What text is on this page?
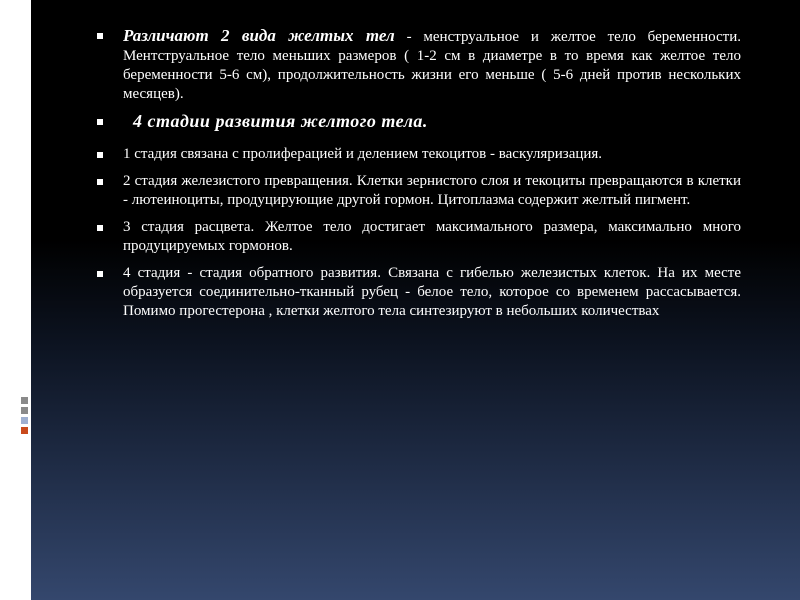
Различают 2 вида желтых тел - менструальное и желтое тело беременности. Ментструальное тело меньших размеров ( 1-2 см в диаметре в то время как желтое тело беременности 5-6 см), продолжительность жизни его меньше ( 5-6 дней против нескольких месяцев).
4 стадии развития желтого тела.
1 стадия связана с пролиферацией и делением текоцитов - васкуляризация.
2 стадия железистого превращения. Клетки зернистого слоя и текоциты превращаются в клетки - лютеиноциты, продуцирующие другой гормон. Цитоплазма содержит желтый пигмент.
3 стадия расцвета. Желтое тело достигает максимального размера, максимально много продуцируемых гормонов.
4 стадия - стадия обратного развития. Связана с гибелью железистых клеток. На их месте образуется соединительно-тканный рубец - белое тело, которое со временем рассасывается. Помимо прогестерона , клетки желтого тела синтезируют в небольших количествах
